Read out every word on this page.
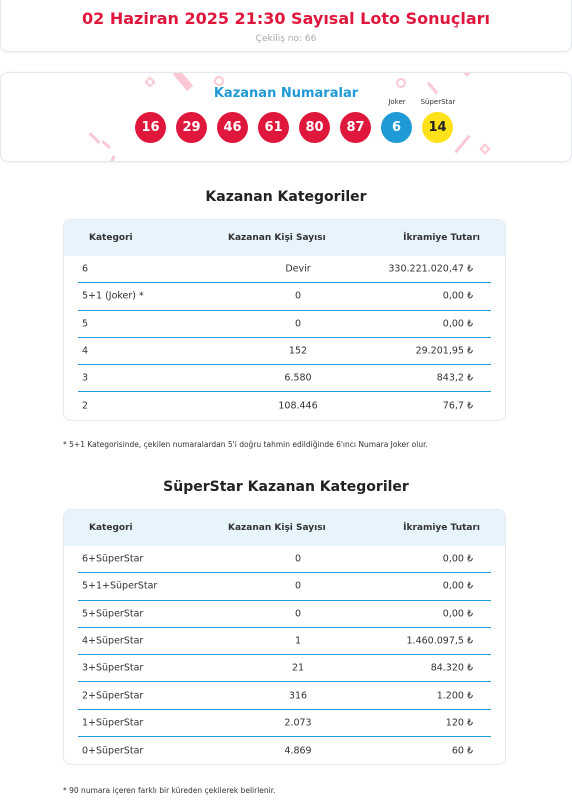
02 Haziran 2025 21:30 Sayısal Loto Sonuçları
Çekiliş no: 66
Kazanan Numaralar
16	29	46	61	80	87
Joker
6
SüperStar
14
Kazanan Kategoriler
Kategori	Kazanan Kişi Sayısı	İkramiye Tutarı
6	Devir	330.221.020,47 ₺
5+1 (Joker) *	0	0,00 ₺
5	0	0,00 ₺
4	152	29.201,95 ₺
3	6.580	843,2 ₺
2	108.446	76,7 ₺
* 5+1 Kategorisinde, çekilen numaralardan 5'i doğru tahmin edildiğinde 6'ıncı Numara Joker olur.
SüperStar Kazanan Kategoriler
Kategori	Kazanan Kişi Sayısı	İkramiye Tutarı
6+SüperStar	0	0,00 ₺
5+1+SüperStar	0	0,00 ₺
5+SüperStar	0	0,00 ₺
4+SüperStar	1	1.460.097,5 ₺
3+SüperStar	21	84.320 ₺
2+SüperStar	316	1.200 ₺
1+SüperStar	2.073	120 ₺
0+SüperStar	4.869	60 ₺
* 90 numara içeren farklı bir küreden çekilerek belirlenir.
